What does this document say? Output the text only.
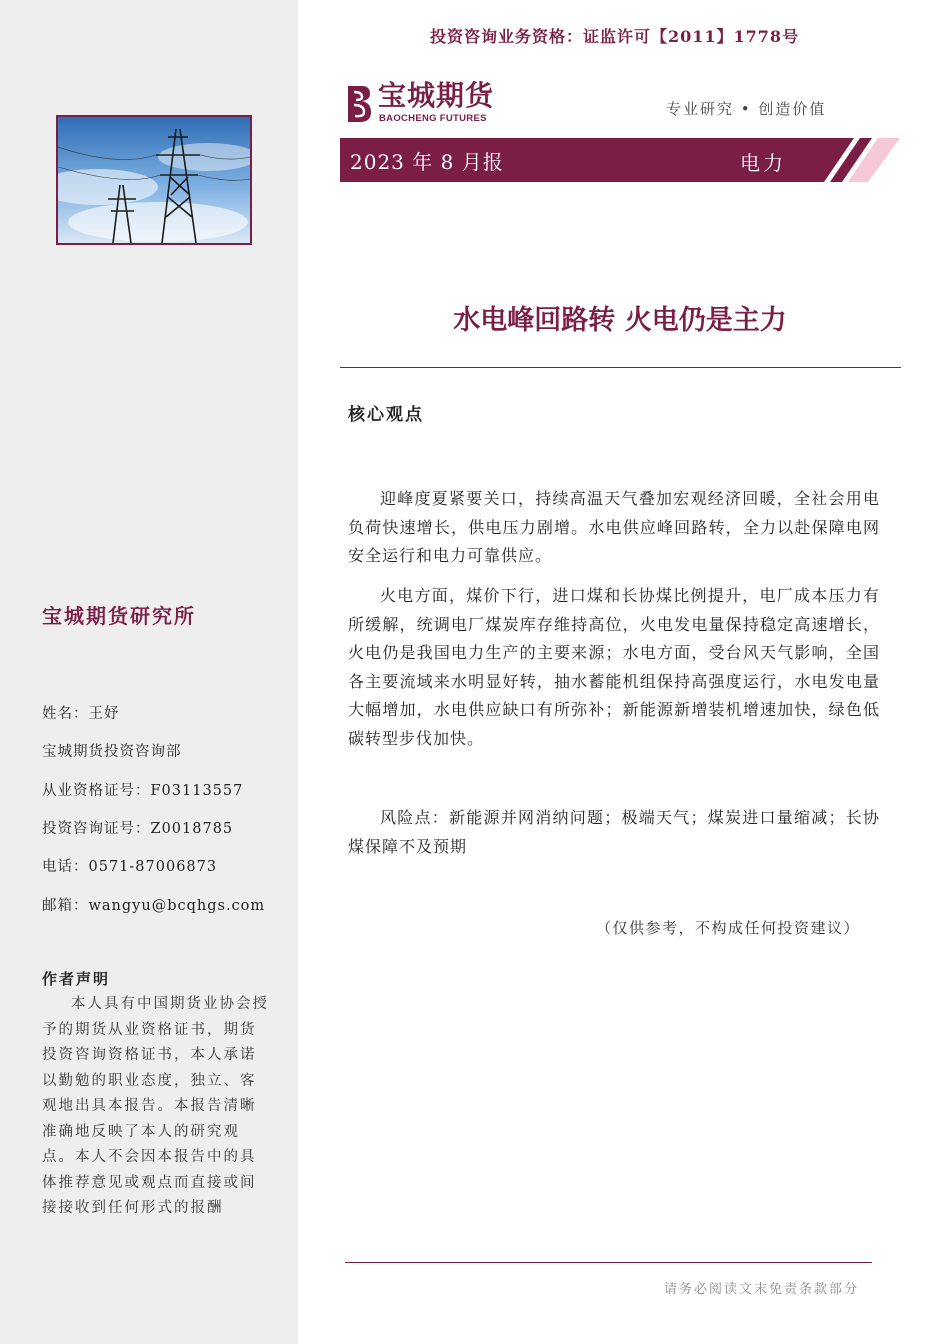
宝城期货研究所
姓名：王妤
宝城期货投资咨询部
从业资格证号：F03113557
投资咨询证号：Z0018785
电话：0571-87006873
邮箱：wangyu@bcqhgs.com
作者声明
本人具有中国期货业协会授予的期货从业资格证书，期货投资咨询资格证书，本人承诺以勤勉的职业态度，独立、客观地出具本报告。本报告清晰准确地反映了本人的研究观点。本人不会因本报告中的具体推荐意见或观点而直接或间接接收到任何形式的报酬
投资咨询业务资格：证监许可【2011】1778号
宝城期货
BAOCHENG FUTURES
专业研究 • 创造价值
2023 年 8 月报	电力
水电峰回路转 火电仍是主力
核心观点
迎峰度夏紧要关口，持续高温天气叠加宏观经济回暖，全社会用电负荷快速增长，供电压力剧增。水电供应峰回路转，全力以赴保障电网安全运行和电力可靠供应。
火电方面，煤价下行，进口煤和长协煤比例提升，电厂成本压力有所缓解，统调电厂煤炭库存维持高位，火电发电量保持稳定高速增长，火电仍是我国电力生产的主要来源；水电方面，受台风天气影响，全国各主要流域来水明显好转，抽水蓄能机组保持高强度运行，水电发电量大幅增加，水电供应缺口有所弥补；新能源新增装机增速加快，绿色低碳转型步伐加快。
风险点：新能源并网消纳问题；极端天气；煤炭进口量缩减；长协煤保障不及预期
（仅供参考，不构成任何投资建议）
请务必阅读文末免责条款部分
